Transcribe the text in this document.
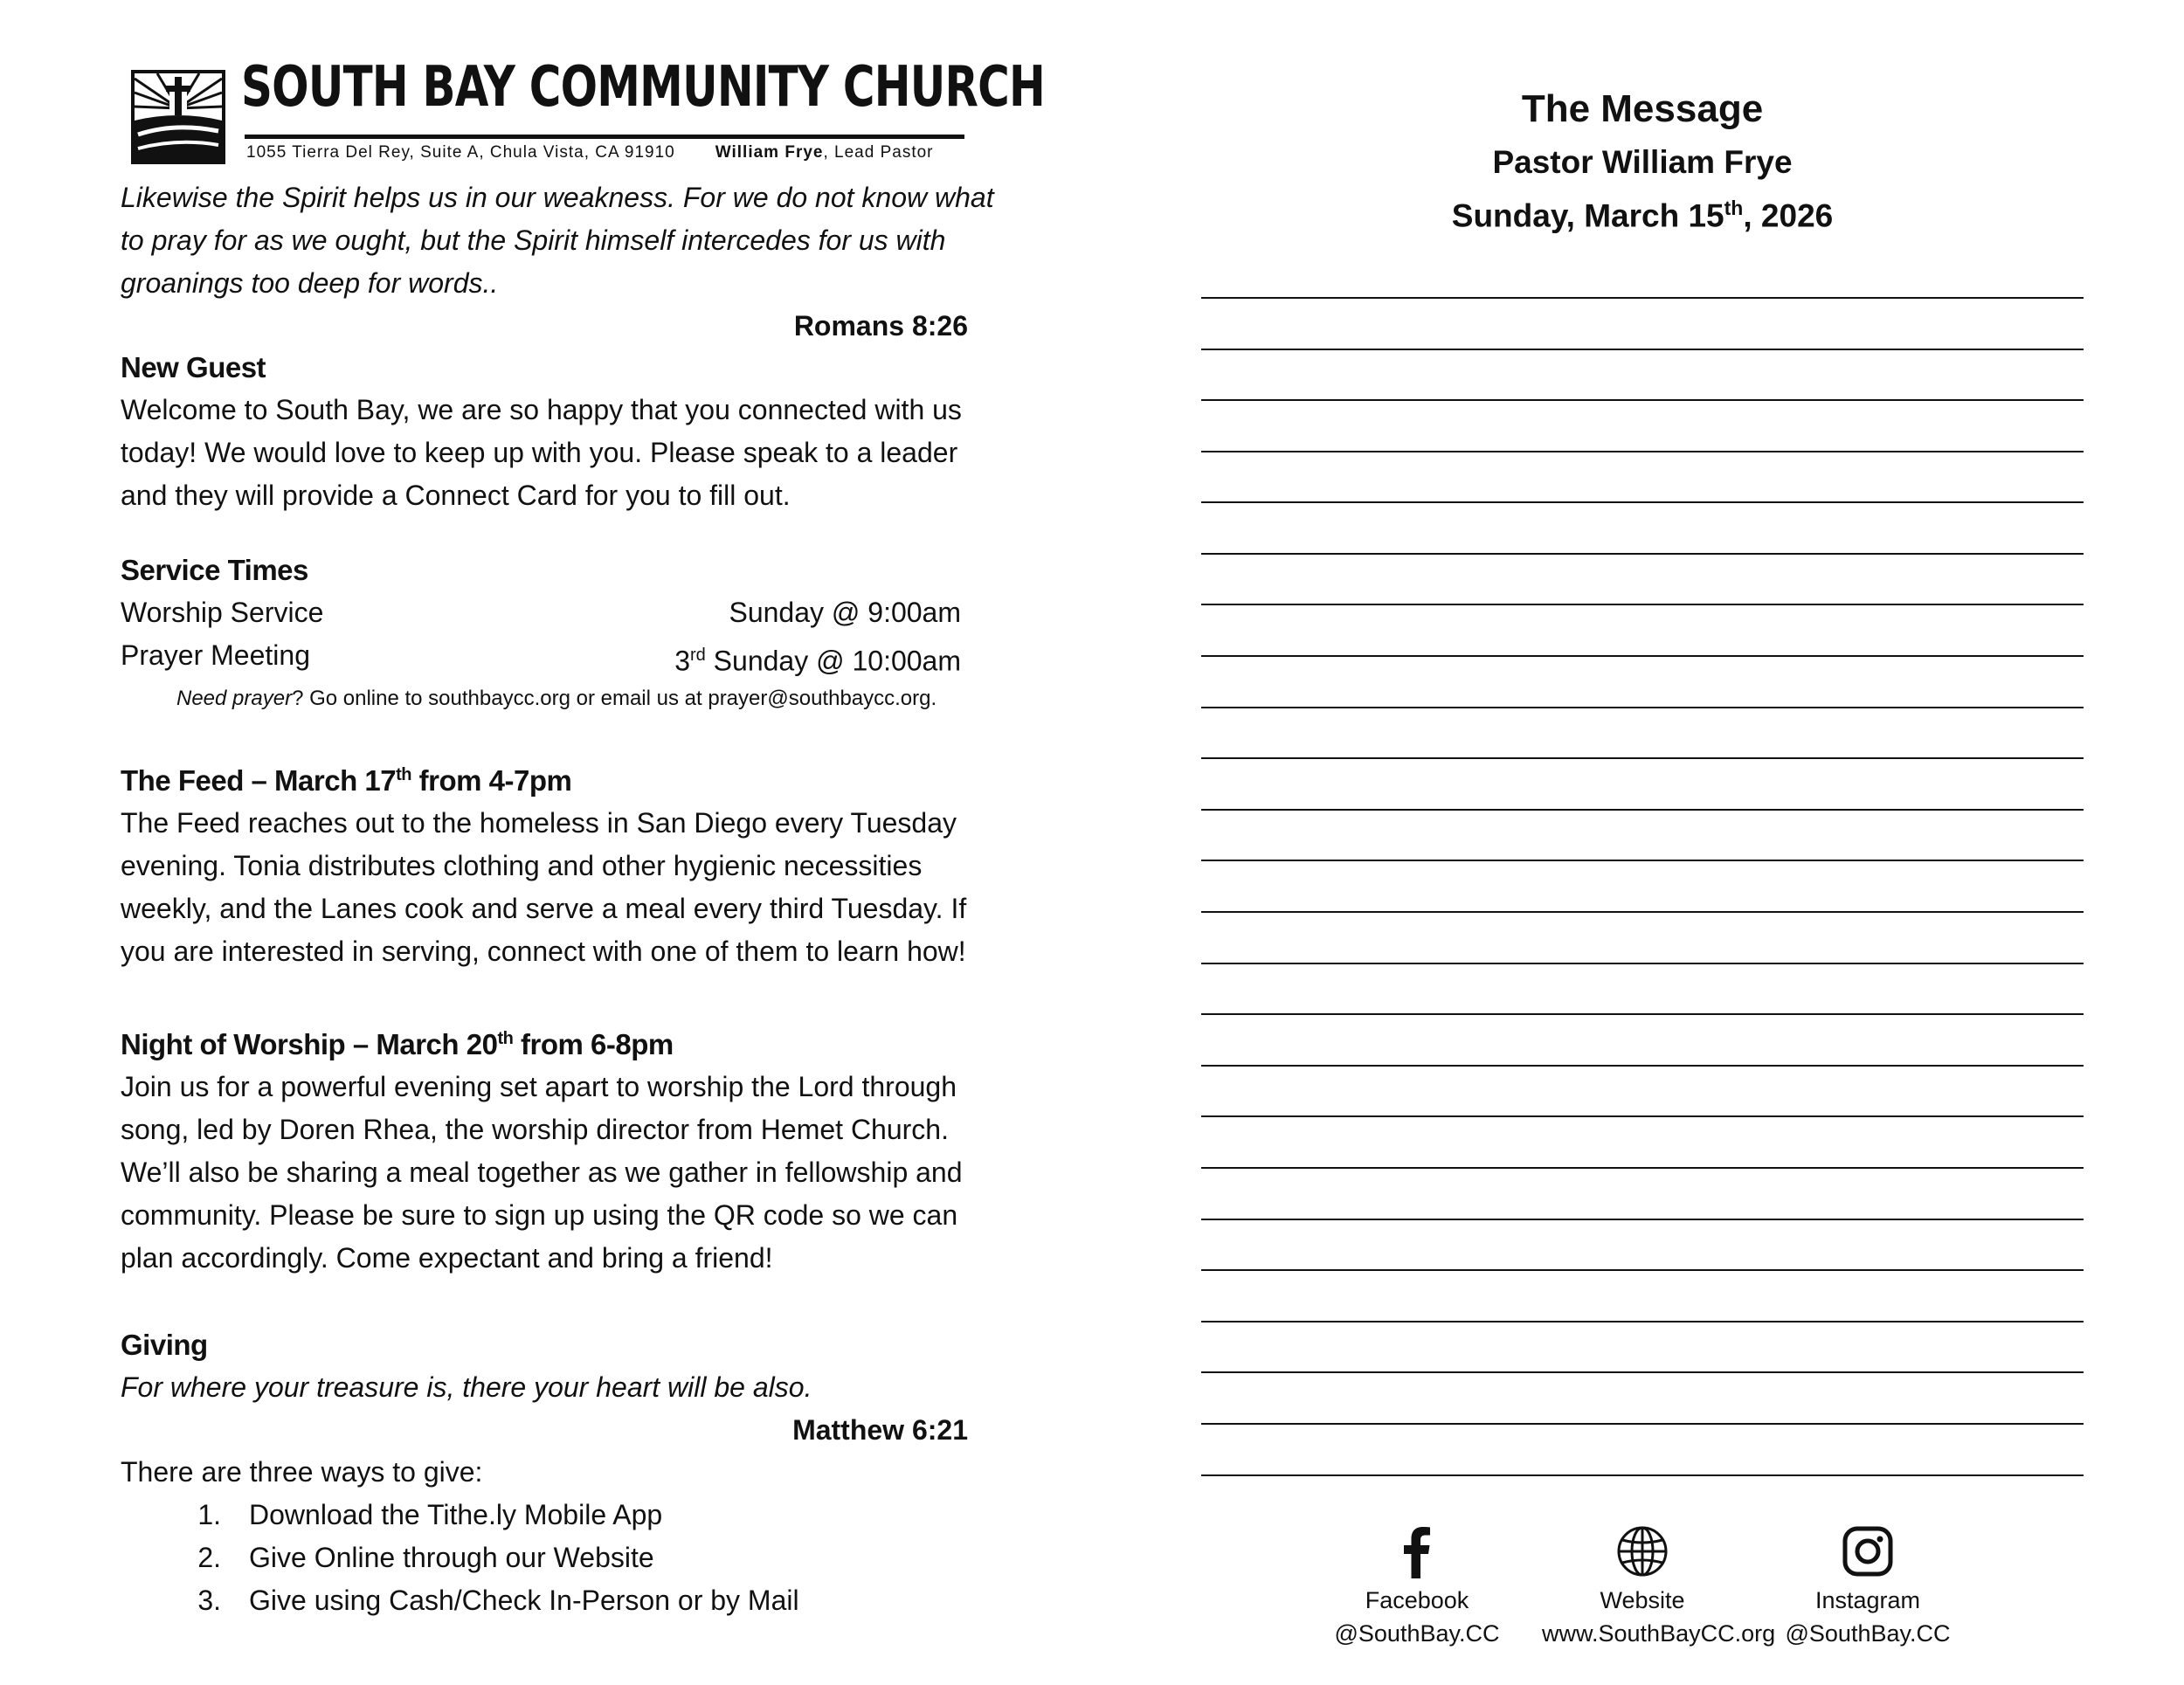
SOUTH BAY COMMUNITY CHURCH
1055 Tierra Del Rey, Suite A, Chula Vista, CA 91910 William Frye, Lead Pastor
Likewise the Spirit helps us in our weakness. For we do not know what
to pray for as we ought, but the Spirit himself intercedes for us with
groanings too deep for words..
Romans 8:26
New Guest
Welcome to South Bay, we are so happy that you connected with us
today! We would love to keep up with you. Please speak to a leader
and they will provide a Connect Card for you to fill out.
Service Times
Worship Service	Sunday @ 9:00am
Prayer Meeting	3rd Sunday @ 10:00am
Need prayer? Go online to southbaycc.org or email us at prayer@southbaycc.org.
The Feed – March 17th from 4-7pm
The Feed reaches out to the homeless in San Diego every Tuesday
evening. Tonia distributes clothing and other hygienic necessities
weekly, and the Lanes cook and serve a meal every third Tuesday. If
you are interested in serving, connect with one of them to learn how!
Night of Worship – March 20th from 6-8pm
Join us for a powerful evening set apart to worship the Lord through
song, led by Doren Rhea, the worship director from Hemet Church.
We’ll also be sharing a meal together as we gather in fellowship and
community. Please be sure to sign up using the QR code so we can
plan accordingly. Come expectant and bring a friend!
Giving
For where your treasure is, there your heart will be also.
Matthew 6:21
There are three ways to give:
1. Download the Tithe.ly Mobile App
2. Give Online through our Website
3. Give using Cash/Check In-Person or by Mail
The Message
Pastor William Frye
Sunday, March 15th, 2026
Facebook
@SouthBay.CC
Website
www.SouthBayCC.org
Instagram
@SouthBay.CC
